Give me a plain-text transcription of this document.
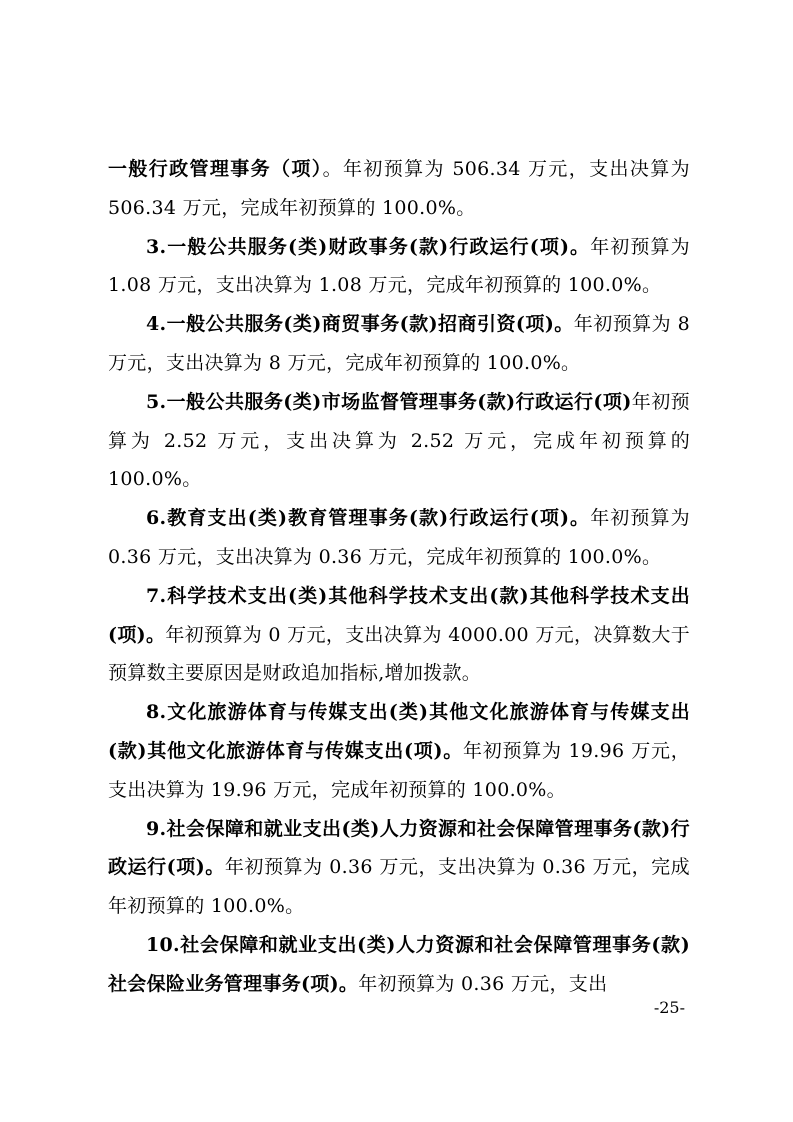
一般行政管理事务（项）。年初预算为 506.34 万元，支出决算为 506.34 万元，完成年初预算的 100.0%。

3.一般公共服务(类)财政事务(款)行政运行(项)。年初预算为 1.08 万元，支出决算为 1.08 万元，完成年初预算的 100.0%。

4.一般公共服务(类)商贸事务(款)招商引资(项)。年初预算为 8 万元，支出决算为 8 万元，完成年初预算的 100.0%。

5.一般公共服务(类)市场监督管理事务(款)行政运行(项)年初预算为 2.52 万元，支出决算为 2.52 万元，完成年初预算的 100.0%。

6.教育支出(类)教育管理事务(款)行政运行(项)。年初预算为 0.36 万元，支出决算为 0.36 万元，完成年初预算的 100.0%。

7.科学技术支出(类)其他科学技术支出(款)其他科学技术支出(项)。年初预算为 0 万元，支出决算为 4000.00 万元，决算数大于预算数主要原因是财政追加指标,增加拨款。

8.文化旅游体育与传媒支出(类)其他文化旅游体育与传媒支出(款)其他文化旅游体育与传媒支出(项)。年初预算为 19.96 万元，支出决算为 19.96 万元，完成年初预算的 100.0%。

9.社会保障和就业支出(类)人力资源和社会保障管理事务(款)行政运行(项)。年初预算为 0.36 万元，支出决算为 0.36 万元，完成年初预算的 100.0%。

10.社会保障和就业支出(类)人力资源和社会保障管理事务(款)社会保险业务管理事务(项)。年初预算为 0.36 万元，支出

-25-
